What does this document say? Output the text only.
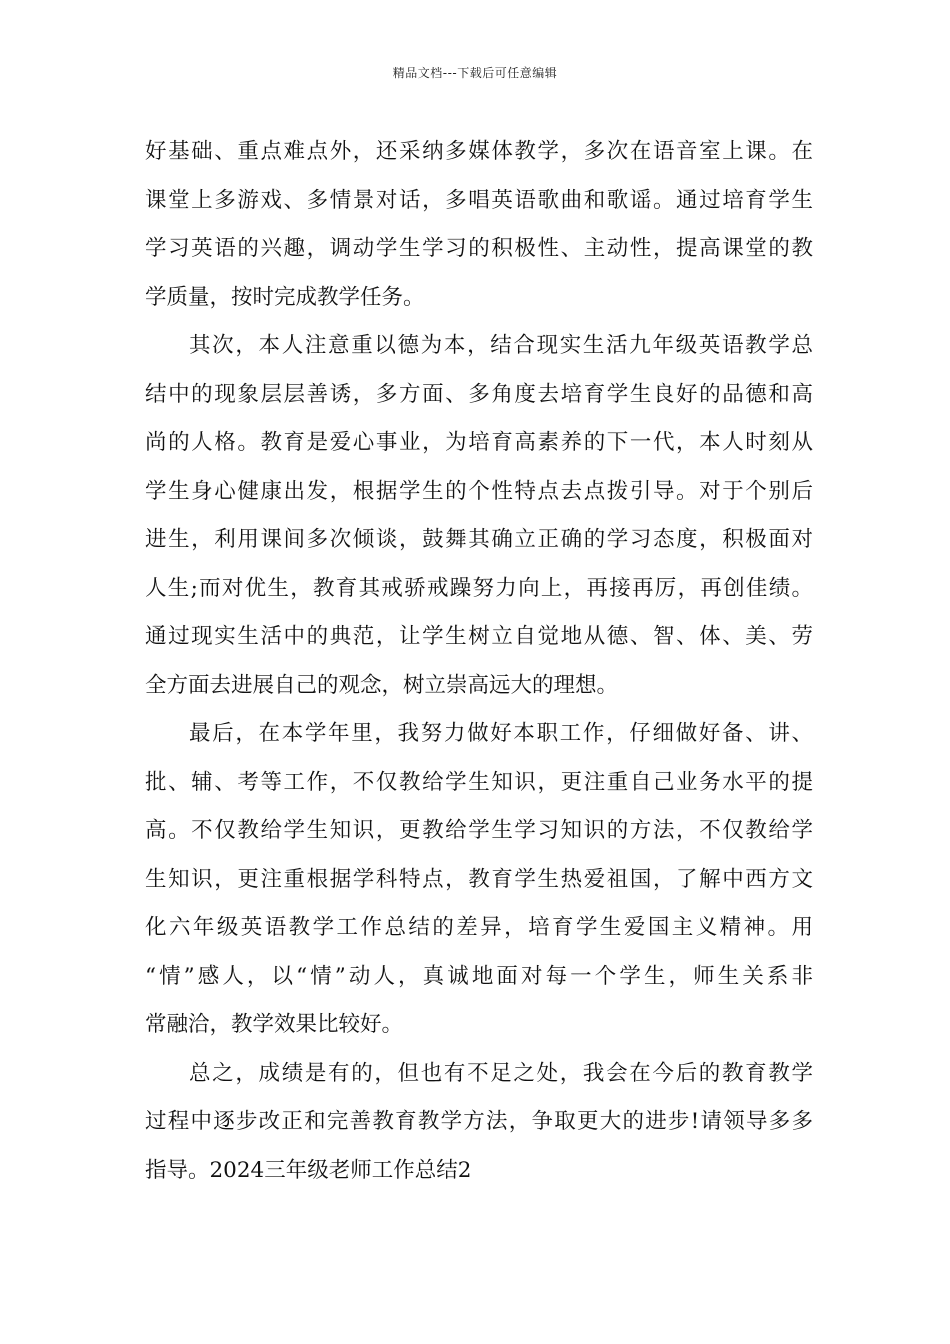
精品文档---下载后可任意编辑
好基础、重点难点外，还采纳多媒体教学，多次在语音室上课。在
课堂上多游戏、多情景对话，多唱英语歌曲和歌谣。通过培育学生
学习英语的兴趣，调动学生学习的积极性、主动性，提高课堂的教
学质量，按时完成教学任务。
其次，本人注意重以德为本，结合现实生活九年级英语教学总
结中的现象层层善诱，多方面、多角度去培育学生良好的品德和高
尚的人格。教育是爱心事业，为培育高素养的下一代，本人时刻从
学生身心健康出发，根据学生的个性特点去点拨引导。对于个别后
进生，利用课间多次倾谈，鼓舞其确立正确的学习态度，积极面对
人生;而对优生，教育其戒骄戒躁努力向上，再接再厉，再创佳绩。
通过现实生活中的典范，让学生树立自觉地从德、智、体、美、劳
全方面去进展自己的观念，树立崇高远大的理想。
最后，在本学年里，我努力做好本职工作，仔细做好备、讲、
批、辅、考等工作，不仅教给学生知识，更注重自己业务水平的提
高。不仅教给学生知识，更教给学生学习知识的方法，不仅教给学
生知识，更注重根据学科特点，教育学生热爱祖国，了解中西方文
化六年级英语教学工作总结的差异，培育学生爱国主义精神。用
“情”感人，以“情”动人，真诚地面对每一个学生，师生关系非
常融洽，教学效果比较好。
总之，成绩是有的，但也有不足之处，我会在今后的教育教学
过程中逐步改正和完善教育教学方法，争取更大的进步!请领导多多
指导。2024三年级老师工作总结2
